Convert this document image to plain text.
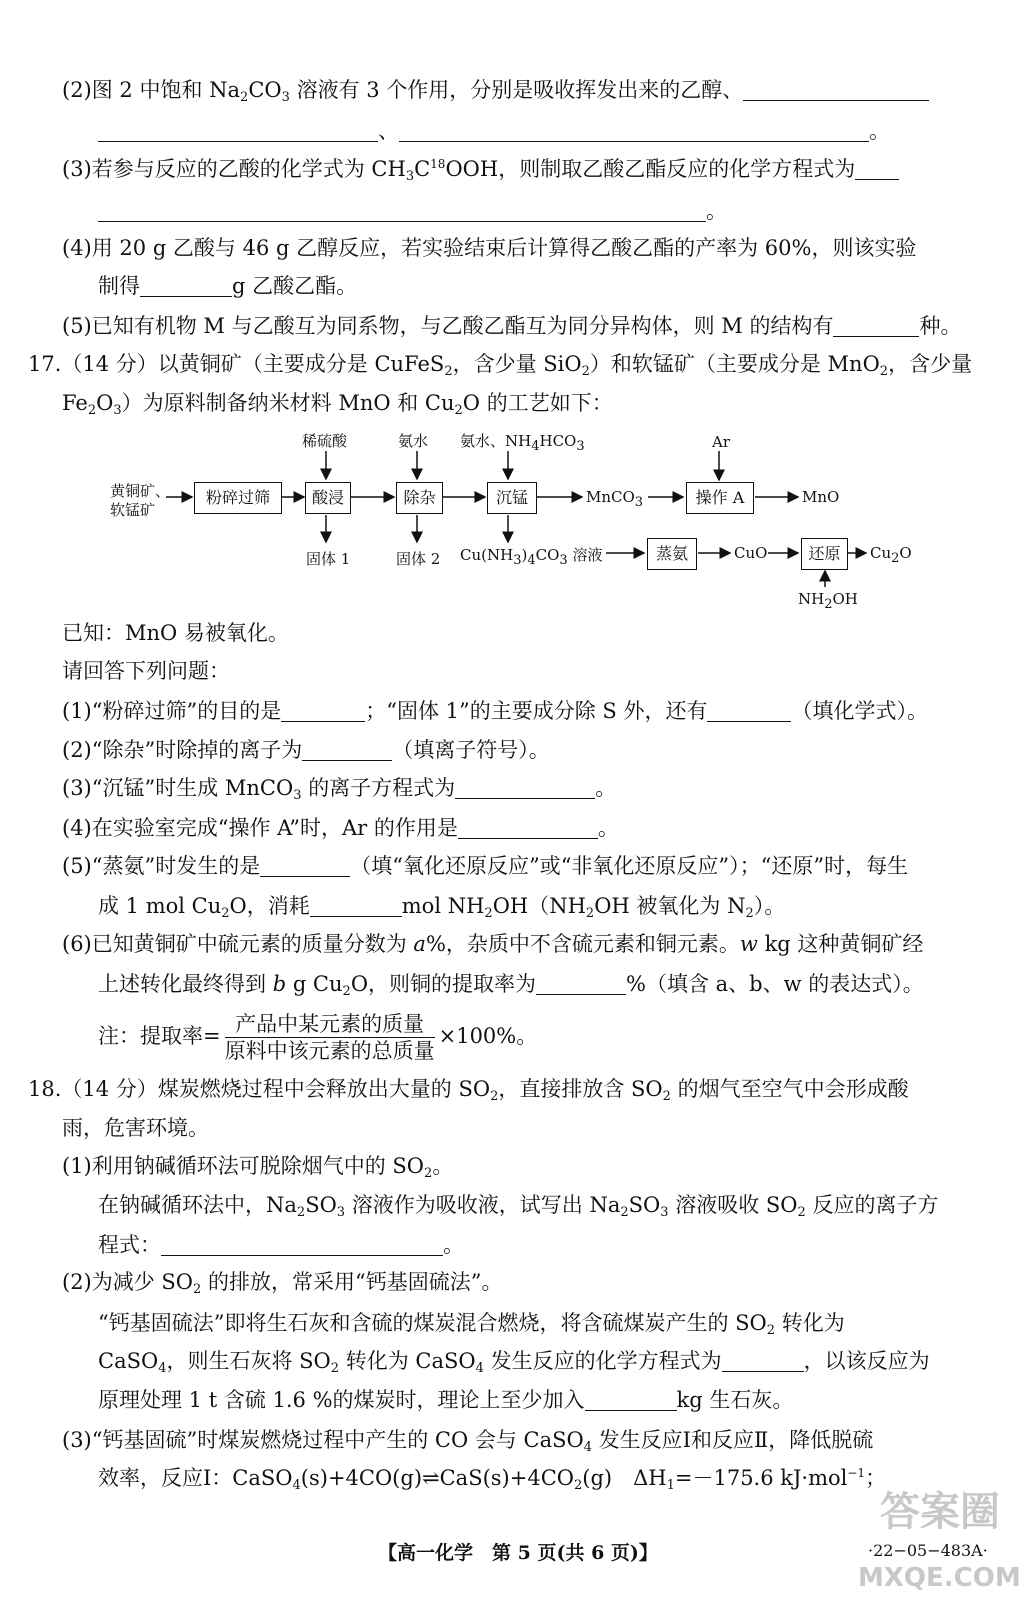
(2)图 2 中饱和 $Na_2CO_3$ 溶液有 3 个作用，分别是吸收挥发出来的乙醇、
、	。
(3)若参与反应的乙酸的化学式为 $CH_3C^{18}OOH$，则制取乙酸乙酯反应的化学方程式为
。
(4)用 20 g 乙酸与 46 g 乙醇反应，若实验结束后计算得乙酸乙酯的产率为 60%，则该实验
制得	g 乙酸乙酯。
(5)已知有机物 M 与乙酸互为同系物，与乙酸乙酯互为同分异构体，则 M 的结构有	种。
17.（14 分）以黄铜矿（主要成分是 CuFeS$_2$，含少量 SiO$_2$）和软锰矿（主要成分是 MnO$_2$，含少量
$Fe_2O_3$）为原料制备纳米材料 MnO 和 $Cu_2O$ 的工艺如下：
黄铜矿、
软锰矿
粉碎过筛
稀硫酸
酸浸
固体 1
氨水
除杂
固体 2
氨水、$NH_4HCO_3$
沉锰	MnCO$_3$
Ar
操作 A	MnO
$Cu(NH_3)_4CO_3$ 溶液	蒸氨	CuO	还原	$Cu_2O$
$NH_2OH$
已知：MnO 易被氧化。
请回答下列问题：
(1)“粉碎过筛”的目的是	；“固体 1”的主要成分除 S 外，还有	（填化学式）。
(2)“除杂”时除掉的离子为	（填离子符号）。
(3)“沉锰”时生成 MnCO$_3$ 的离子方程式为	。
(4)在实验室完成“操作 A”时，Ar 的作用是	。
(5)“蒸氨”时发生的是	（填“氧化还原反应”或“非氧化还原反应”）；“还原”时，每生
成 1 mol $Cu_2O$，消耗	mol $NH_2OH(NH_2OH$ 被氧化为 $N_2$）。
(6)已知黄铜矿中硫元素的质量分数为 a%，杂质中不含硫元素和铜元素。w kg 这种黄铜矿经
上述转化最终得到 b g $Cu_2O$，则铜的提取率为	%（填含 a、b、w 的表达式）。
注：提取率= $\frac{\text{产品中某元素的质量}}{\text{原料中该元素的总质量}} \times 100\%$。
18.（14 分）煤炭燃烧过程中会释放出大量的 $SO_2$，直接排放含 $SO_2$ 的烟气至空气中会形成酸
雨，危害环境。
(1)利用钠碱循环法可脱除烟气中的 $SO_2$。
在钠碱循环法中，$Na_2SO_3$ 溶液作为吸收液，试写出 $Na_2SO_3$ 溶液吸收 $SO_2$ 反应的离子方
程式：	。
(2)为减少 $SO_2$ 的排放，常采用“钙基固硫法”。
“钙基固硫法”即将生石灰和含硫的煤炭混合燃烧，将含硫煤炭产生的 $SO_2$ 转化为
CaSO$_4$，则生石灰将 $SO_2$ 转化为 CaSO$_4$ 发生反应的化学方程式为	，以该反应为
原理处理 1 t 含硫 1.6 %的煤炭时，理论上至少加入	kg 生石灰。
(3)“钙基固硫”时煤炭燃烧过程中产生的 CO 会与 CaSO$_4$ 发生反应Ⅰ和反应Ⅱ，降低脱硫
效率，反应Ⅰ：$CaSO_4(s)+4CO(g)\rightleftharpoons CaS(s)+4CO_2(g)$　$\Delta H_1=-175.6$ kJ·mol$^{-1}$；
【高一化学　第 5 页(共 6 页)】	·22−05−483A·
答案圈
MXQE.COM
